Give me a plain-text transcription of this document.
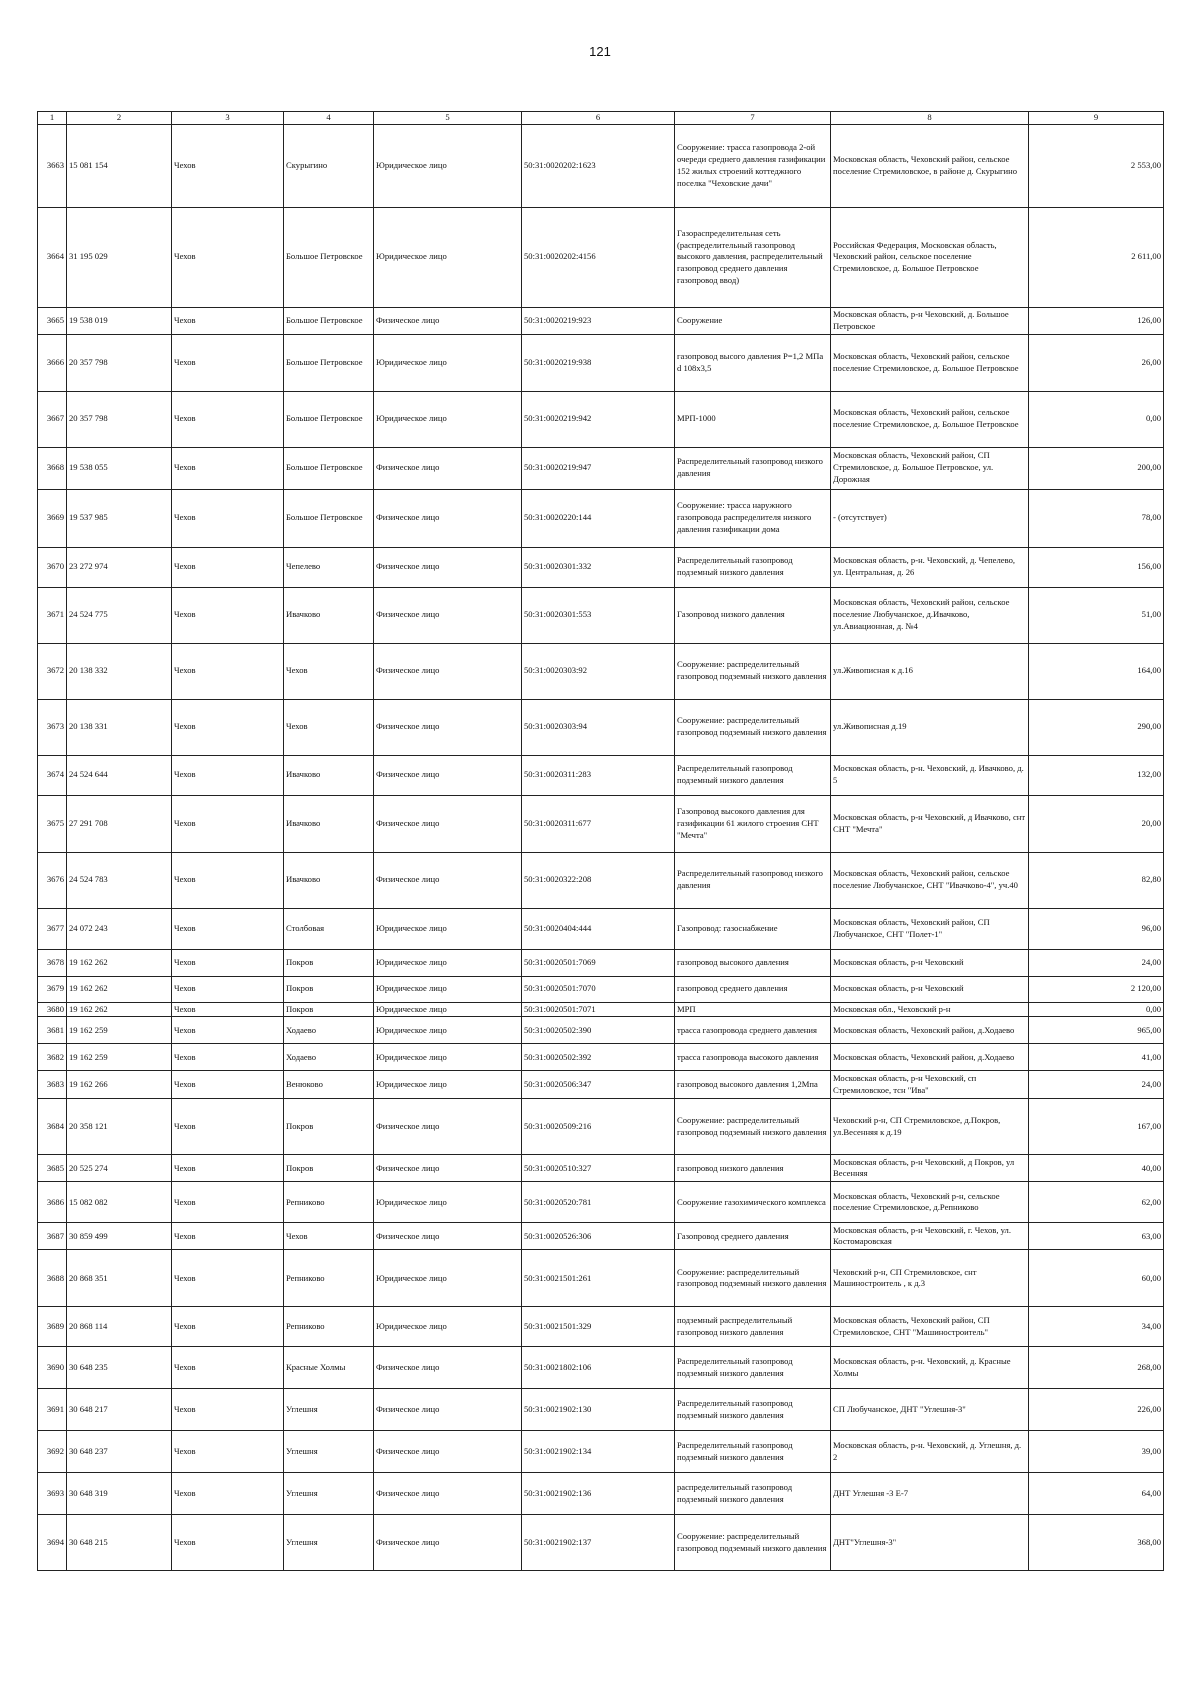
121
1	2	3	4	5	6	7	8	9
3663	15 081 154	Чехов	Скурыгино	Юридическое лицо	50:31:0020202:1623	Сооружение: трасса газопровода 2-ой очереди среднего давления газификации 152 жилых строений коттеджного поселка "Чеховские дачи"	Московская область, Чеховский район, сельское поселение Стремиловское, в районе д. Скурыгино	2 553,00
3664	31 195 029	Чехов	Большое Петровское	Юридическое лицо	50:31:0020202:4156	Газораспределительная сеть (распределительный газопровод высокого давления, распределительный газопровод среднего давления газопровод ввод)	Российская Федерация, Московская область, Чеховский район, сельское поселение Стремиловское, д. Большое Петровское	2 611,00
3665	19 538 019	Чехов	Большое Петровское	Физическое лицо	50:31:0020219:923	Сооружение	Московская область, р-н Чеховский, д. Большое Петровское	126,00
3666	20 357 798	Чехов	Большое Петровское	Юридическое лицо	50:31:0020219:938	газопровод высого давления P=1,2 МПа d 108x3,5	Московская область, Чеховский район, сельское поселение Стремиловское, д. Большое Петровское	26,00
3667	20 357 798	Чехов	Большое Петровское	Юридическое лицо	50:31:0020219:942	МРП-1000	Московская область, Чеховский район, сельское поселение Стремиловское, д. Большое Петровское	0,00
3668	19 538 055	Чехов	Большое Петровское	Физическое лицо	50:31:0020219:947	Распределительный газопровод низкого давления	Московская область, Чеховский район, СП Стремиловское, д. Большое Петровское, ул. Дорожная	200,00
3669	19 537 985	Чехов	Большое Петровское	Физическое лицо	50:31:0020220:144	Сооружение: трасса наружного газопровода распределителя низкого давления газификации дома	- (отсутствует)	78,00
3670	23 272 974	Чехов	Чепелево	Физическое лицо	50:31:0020301:332	Распределительный газопровод подземный низкого давления	Московская область, р-н. Чеховский, д. Чепелево, ул. Центральная, д. 26	156,00
3671	24 524 775	Чехов	Ивачково	Физическое лицо	50:31:0020301:553	Газопровод низкого давления	Московская область, Чеховский район, сельское поселение Любучанское, д.Ивачково, ул.Авиационная, д. №4	51,00
3672	20 138 332	Чехов	Чехов	Физическое лицо	50:31:0020303:92	Сооружение: распределительный газопровод подземный низкого давления	ул.Живописная к д.16	164,00
3673	20 138 331	Чехов	Чехов	Физическое лицо	50:31:0020303:94	Сооружение: распределительный газопровод подземный низкого давления	ул.Живописная д.19	290,00
3674	24 524 644	Чехов	Ивачково	Физическое лицо	50:31:0020311:283	Распределительный газопровод подземный низкого давления	Московская область, р-н. Чеховский, д. Ивачково, д. 5	132,00
3675	27 291 708	Чехов	Ивачково	Физическое лицо	50:31:0020311:677	Газопровод высокого давления для газификации 61 жилого строения СНТ "Мечта"	Московская область, р-н Чеховский, д Ивачково, снт СНТ "Мечта"	20,00
3676	24 524 783	Чехов	Ивачково	Физическое лицо	50:31:0020322:208	Распределительный газопровод низкого давления	Московская область, Чеховский район, сельское поселение Любучанское, СНТ "Ивачково-4", уч.40	82,80
3677	24 072 243	Чехов	Столбовая	Юридическое лицо	50:31:0020404:444	Газопровод: газоснабжение	Московская область, Чеховский район, СП Любучанское, СНТ "Полет-1"	96,00
3678	19 162 262	Чехов	Покров	Юридическое лицо	50:31:0020501:7069	газопровод высокого давления	Московская область, р-н Чеховский	24,00
3679	19 162 262	Чехов	Покров	Юридическое лицо	50:31:0020501:7070	газопровод среднего давления	Московская область, р-н Чеховский	2 120,00
3680	19 162 262	Чехов	Покров	Юридическое лицо	50:31:0020501:7071	МРП	Московская обл., Чеховский р-н	0,00
3681	19 162 259	Чехов	Ходаево	Юридическое лицо	50:31:0020502:390	трасса газопровода среднего давления	Московская область, Чеховский район, д.Ходаево	965,00
3682	19 162 259	Чехов	Ходаево	Юридическое лицо	50:31:0020502:392	трасса газопровода высокого давления	Московская область, Чеховский район, д.Ходаево	41,00
3683	19 162 266	Чехов	Венюково	Юридическое лицо	50:31:0020506:347	газопровод высокого давления 1,2Мпа	Московская область, р-н Чеховский, сп Стремиловское, тсн "Ива"	24,00
3684	20 358 121	Чехов	Покров	Физическое лицо	50:31:0020509:216	Сооружение: распределительный газопровод подземный низкого давления	Чеховский р-н, СП Стремиловское, д.Покров, ул.Весенняя к д.19	167,00
3685	20 525 274	Чехов	Покров	Физическое лицо	50:31:0020510:327	газопровод низкого давления	Московская область, р-н Чеховский, д Покров, ул Весенняя	40,00
3686	15 082 082	Чехов	Репниково	Юридическое лицо	50:31:0020520:781	Сооружение газохимического комплекса	Московская область, Чеховский р-н, сельское поселение Стремиловское, д.Репниково	62,00
3687	30 859 499	Чехов	Чехов	Физическое лицо	50:31:0020526:306	Газопровод среднего давления	Московская область, р-н Чеховский, г. Чехов, ул. Костомаровская	63,00
3688	20 868 351	Чехов	Репниково	Юридическое лицо	50:31:0021501:261	Сооружение: распределительный газопровод подземный низкого давления	Чеховский р-н, СП Стремиловское, снт Машиностроитель , к д.3	60,00
3689	20 868 114	Чехов	Репниково	Юридическое лицо	50:31:0021501:329	подземный распределительный газопровод низкого давления	Московская область, Чеховский район, СП Стремиловское, СНТ "Машиностроитель"	34,00
3690	30 648 235	Чехов	Красные Холмы	Физическое лицо	50:31:0021802:106	Распределительный газопровод подземный низкого давления	Московская область, р-н. Чеховский, д. Красные Холмы	268,00
3691	30 648 217	Чехов	Углешня	Физическое лицо	50:31:0021902:130	Распределительный газопровод подземный низкого давления	СП Любучанское, ДНТ "Углешня-3"	226,00
3692	30 648 237	Чехов	Углешня	Физическое лицо	50:31:0021902:134	Распределительный газопровод подземный низкого давления	Московская область, р-н. Чеховский, д. Углешня, д. 2	39,00
3693	30 648 319	Чехов	Углешня	Физическое лицо	50:31:0021902:136	распределительный газопровод подземный низкого давления	ДНТ Углешня -3 Е-7	64,00
3694	30 648 215	Чехов	Углешня	Физическое лицо	50:31:0021902:137	Сооружение: распределительный газопровод подземный низкого давления	ДНТ"Углешня-3"	368,00
